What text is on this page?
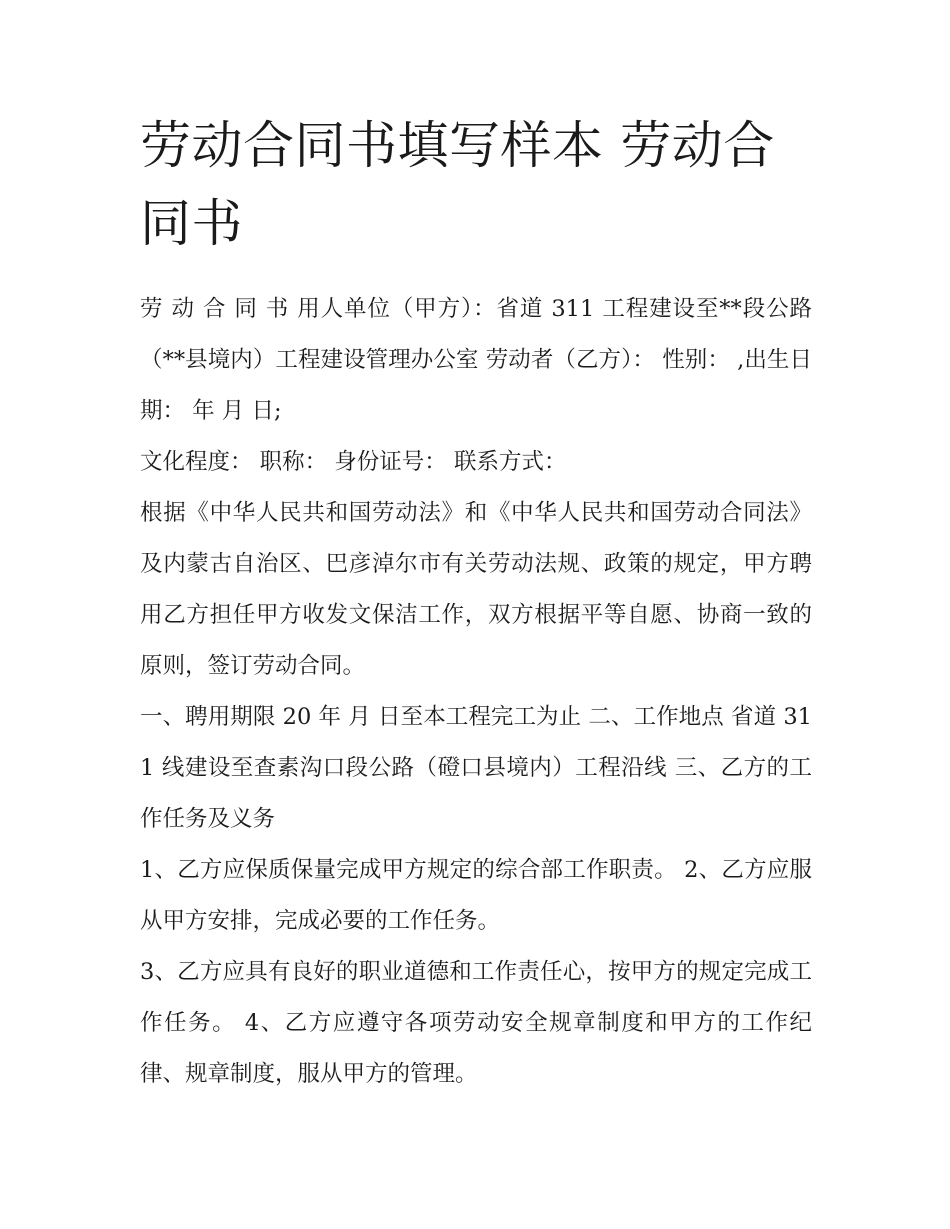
劳动合同书填写样本 劳动合同书

劳 动 合 同 书 用人单位（甲方）：省道 311 工程建设至**段公路（**县境内）工程建设管理办公室 劳动者（乙方）： 性别： ,出生日期： 年 月 日;

文化程度： 职称： 身份证号： 联系方式：

根据《中华人民共和国劳动法》和《中华人民共和国劳动合同法》及内蒙古自治区、巴彦淖尔市有关劳动法规、政策的规定，甲方聘用乙方担任甲方收发文保洁工作，双方根据平等自愿、协商一致的原则，签订劳动合同。

一、聘用期限 20 年 月 日至本工程完工为止 二、工作地点 省道 311 线建设至查素沟口段公路（磴口县境内）工程沿线 三、乙方的工作任务及义务

1、乙方应保质保量完成甲方规定的综合部工作职责。 2、乙方应服从甲方安排，完成必要的工作任务。

3、乙方应具有良好的职业道德和工作责任心，按甲方的规定完成工作任务。 4、乙方应遵守各项劳动安全规章制度和甲方的工作纪律、规章制度，服从甲方的管理。
